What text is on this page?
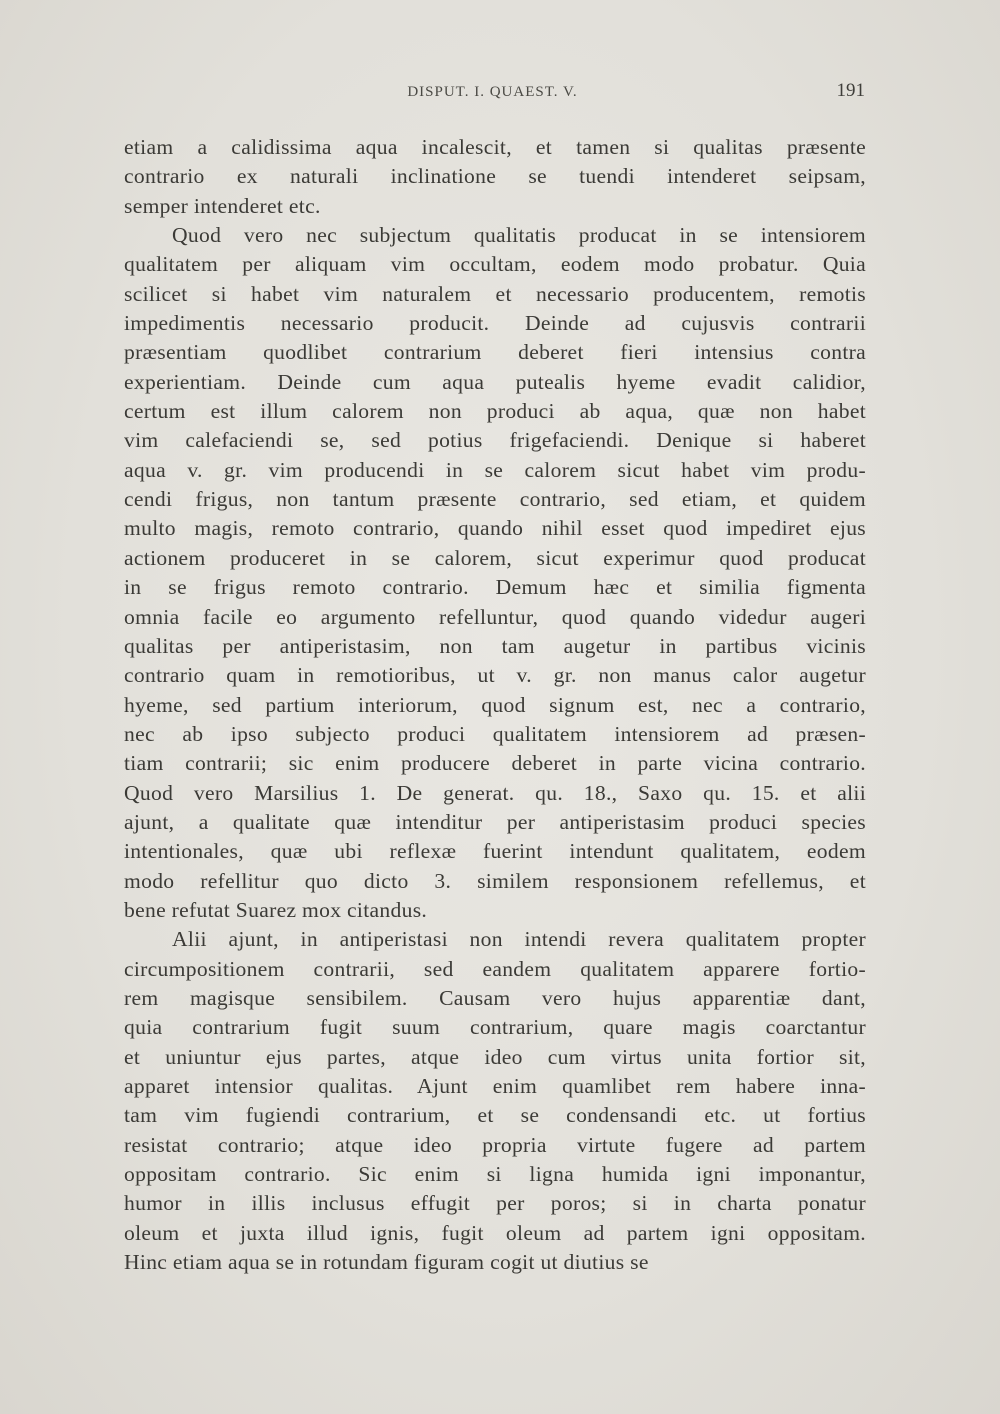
DISPUT. I. QUAEST. V.	191
etiam a calidissima aqua incalescit, et tamen si qualitas præsente
contrario ex naturali inclinatione se tuendi intenderet seipsam,
semper intenderet etc.
Quod vero nec subjectum qualitatis producat in se intensiorem
qualitatem per aliquam vim occultam, eodem modo probatur. Quia
scilicet si habet vim naturalem et necessario producentem, remotis
impedimentis necessario producit. Deinde ad cujusvis contrarii
præsentiam quodlibet contrarium deberet fieri intensius contra
experientiam. Deinde cum aqua putealis hyeme evadit calidior,
certum est illum calorem non produci ab aqua, quæ non habet
vim calefaciendi se, sed potius frigefaciendi. Denique si haberet
aqua v. gr. vim producendi in se calorem sicut habet vim produ-
cendi frigus, non tantum præsente contrario, sed etiam, et quidem
multo magis, remoto contrario, quando nihil esset quod impediret ejus
actionem produceret in se calorem, sicut experimur quod producat
in se frigus remoto contrario. Demum hæc et similia figmenta
omnia facile eo argumento refelluntur, quod quando videdur augeri
qualitas per antiperistasim, non tam augetur in partibus vicinis
contrario quam in remotioribus, ut v. gr. non manus calor augetur
hyeme, sed partium interiorum, quod signum est, nec a contrario,
nec ab ipso subjecto produci qualitatem intensiorem ad præsen-
tiam contrarii; sic enim producere deberet in parte vicina contrario.
Quod vero Marsilius 1. De generat. qu. 18., Saxo qu. 15. et alii
ajunt, a qualitate quæ intenditur per antiperistasim produci species
intentionales, quæ ubi reflexæ fuerint intendunt qualitatem, eodem
modo refellitur quo dicto 3. similem responsionem refellemus, et
bene refutat Suarez mox citandus.
Alii ajunt, in antiperistasi non intendi revera qualitatem propter
circumpositionem contrarii, sed eandem qualitatem apparere fortio-
rem magisque sensibilem. Causam vero hujus apparentiæ dant,
quia contrarium fugit suum contrarium, quare magis coarctantur
et uniuntur ejus partes, atque ideo cum virtus unita fortior sit,
apparet intensior qualitas. Ajunt enim quamlibet rem habere inna-
tam vim fugiendi contrarium, et se condensandi etc. ut fortius
resistat contrario; atque ideo propria virtute fugere ad partem
oppositam contrario. Sic enim si ligna humida igni imponantur,
humor in illis inclusus effugit per poros; si in charta ponatur
oleum et juxta illud ignis, fugit oleum ad partem igni oppositam.
Hinc etiam aqua se in rotundam figuram cogit ut diutius se
